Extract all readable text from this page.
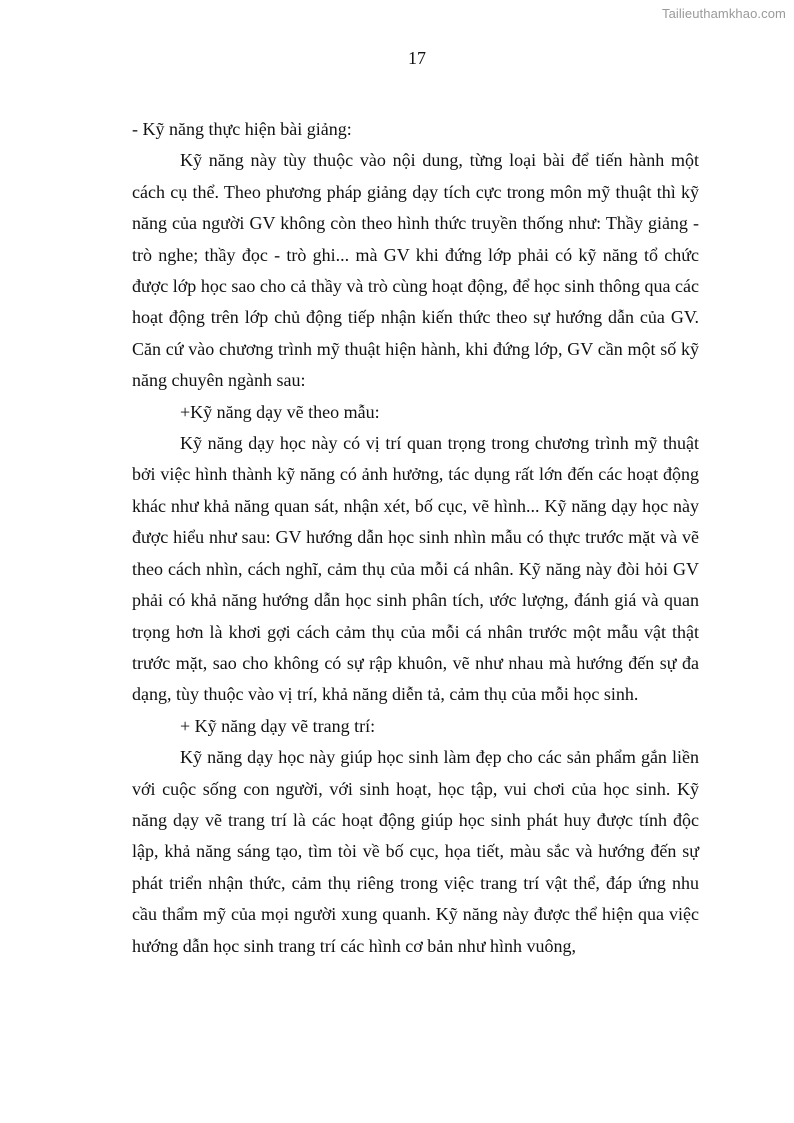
Tailieuthamkhao.com
17

- Kỹ năng thực hiện bài giảng:

Kỹ năng này tùy thuộc vào nội dung, từng loại bài để tiến hành một cách cụ thể. Theo phương pháp giảng dạy tích cực trong môn mỹ thuật thì kỹ năng của người GV không còn theo hình thức truyền thống như: Thầy giảng - trò nghe; thầy đọc - trò ghi... mà GV khi đứng lớp phải có kỹ năng tổ chức được lớp học sao cho cả thầy và trò cùng hoạt động, để học sinh thông qua các hoạt động trên lớp chủ động tiếp nhận kiến thức theo sự hướng dẫn của GV. Căn cứ vào chương trình mỹ thuật hiện hành, khi đứng lớp, GV cần một số kỹ năng chuyên ngành sau:

+Kỹ năng dạy vẽ theo mẫu:

Kỹ năng dạy học này có vị trí quan trọng trong chương trình mỹ thuật bởi việc hình thành kỹ năng có ảnh hưởng, tác dụng rất lớn đến các hoạt động khác như khả năng quan sát, nhận xét, bố cục, vẽ hình... Kỹ năng dạy học này được hiểu như sau: GV hướng dẫn học sinh nhìn mẫu có thực trước mặt và vẽ theo cách nhìn, cách nghĩ, cảm thụ của mỗi cá nhân. Kỹ năng này đòi hỏi GV phải có khả năng hướng dẫn học sinh phân tích, ước lượng, đánh giá và quan trọng hơn là khơi gợi cách cảm thụ của mỗi cá nhân trước một mẫu vật thật trước mặt, sao cho không có sự rập khuôn, vẽ như nhau mà hướng đến sự đa dạng, tùy thuộc vào vị trí, khả năng diễn tả, cảm thụ của mỗi học sinh.

+ Kỹ năng dạy vẽ trang trí:

Kỹ năng dạy học này giúp học sinh làm đẹp cho các sản phẩm gắn liền với cuộc sống con người, với sinh hoạt, học tập, vui chơi của học sinh. Kỹ năng dạy vẽ trang trí là các hoạt động giúp học sinh phát huy được tính độc lập, khả năng sáng tạo, tìm tòi về bố cục, họa tiết, màu sắc và hướng đến sự phát triển nhận thức, cảm thụ riêng trong việc trang trí vật thể, đáp ứng nhu cầu thẩm mỹ của mọi người xung quanh. Kỹ năng này được thể hiện qua việc hướng dẫn học sinh trang trí các hình cơ bản như hình vuông,
